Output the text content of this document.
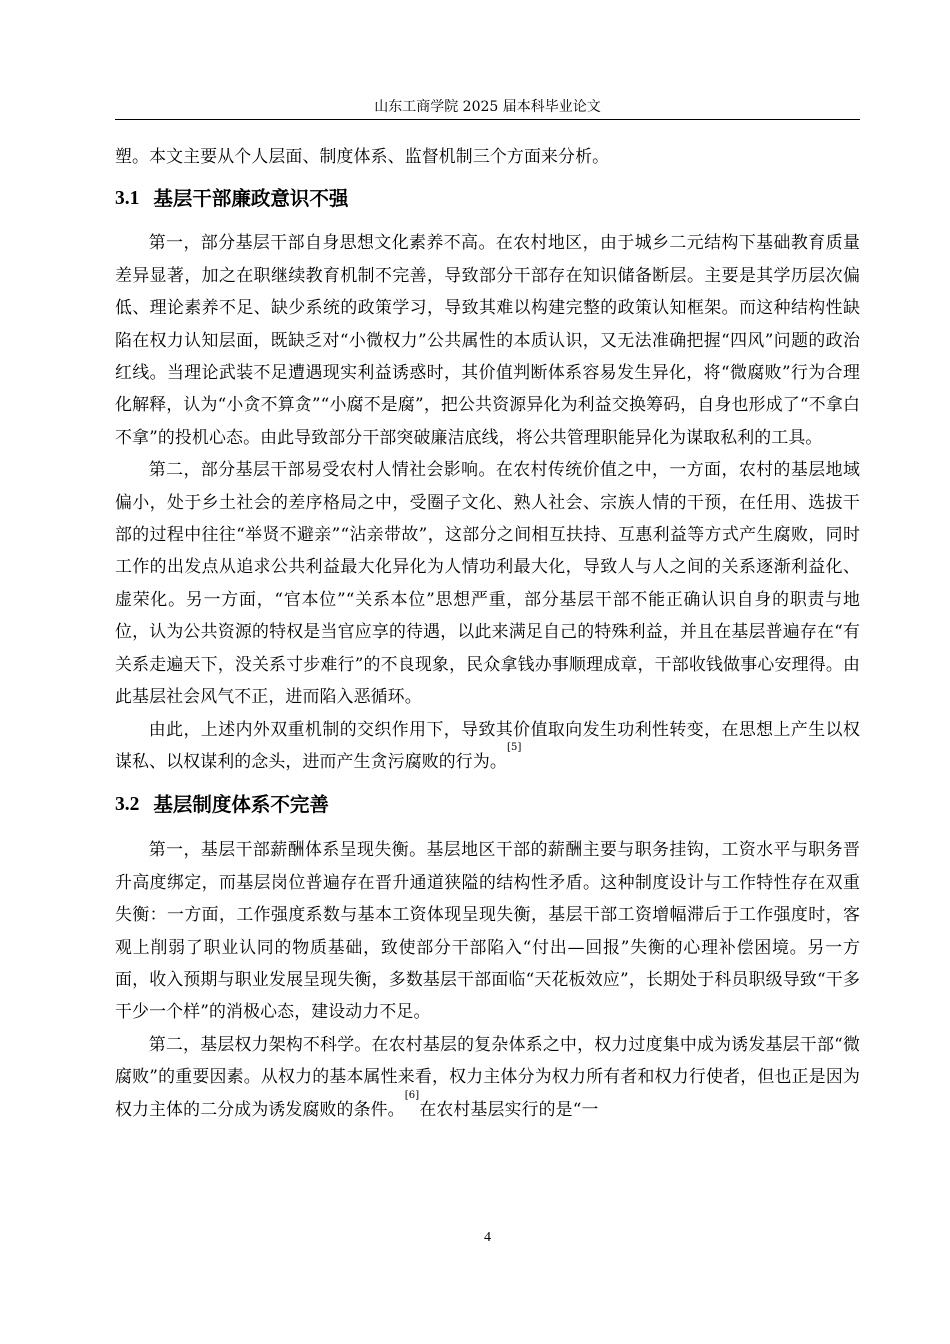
山东工商学院 2025 届本科毕业论文

塑。本文主要从个人层面、制度体系、监督机制三个方面来分析。

3.1 基层干部廉政意识不强

第一，部分基层干部自身思想文化素养不高。在农村地区，由于城乡二元结构下基础教育质量差异显著，加之在职继续教育机制不完善，导致部分干部存在知识储备断层。主要是其学历层次偏低、理论素养不足、缺少系统的政策学习，导致其难以构建完整的政策认知框架。而这种结构性缺陷在权力认知层面，既缺乏对“小微权力”公共属性的本质认识，又无法准确把握“四风”问题的政治红线。当理论武装不足遭遇现实利益诱惑时，其价值判断体系容易发生异化，将“微腐败”行为合理化解释，认为“小贪不算贪”“小腐不是腐”，把公共资源异化为利益交换筹码，自身也形成了“不拿白不拿”的投机心态。由此导致部分干部突破廉洁底线，将公共管理职能异化为谋取私利的工具。

第二，部分基层干部易受农村人情社会影响。在农村传统价值之中，一方面，农村的基层地域偏小，处于乡土社会的差序格局之中，受圈子文化、熟人社会、宗族人情的干预，在任用、选拔干部的过程中往往“举贤不避亲”“沾亲带故”，这部分之间相互扶持、互惠利益等方式产生腐败，同时工作的出发点从追求公共利益最大化异化为人情功利最大化，导致人与人之间的关系逐渐利益化、虚荣化。另一方面，“官本位”“关系本位”思想严重，部分基层干部不能正确认识自身的职责与地位，认为公共资源的特权是当官应享的待遇，以此来满足自己的特殊利益，并且在基层普遍存在“有关系走遍天下，没关系寸步难行”的不良现象，民众拿钱办事顺理成章，干部收钱做事心安理得。由此基层社会风气不正，进而陷入恶循环。

由此，上述内外双重机制的交织作用下，导致其价值取向发生功利性转变，在思想上产生以权谋私、以权谋利的念头，进而产生贪污腐败的行为。[5]

3.2 基层制度体系不完善

第一，基层干部薪酬体系呈现失衡。基层地区干部的薪酬主要与职务挂钩，工资水平与职务晋升高度绑定，而基层岗位普遍存在晋升通道狭隘的结构性矛盾。这种制度设计与工作特性存在双重失衡：一方面，工作强度系数与基本工资体现呈现失衡，基层干部工资增幅滞后于工作强度时，客观上削弱了职业认同的物质基础，致使部分干部陷入“付出—回报”失衡的心理补偿困境。另一方面，收入预期与职业发展呈现失衡，多数基层干部面临“天花板效应”，长期处于科员职级导致“干多干少一个样”的消极心态，建设动力不足。

第二，基层权力架构不科学。在农村基层的复杂体系之中，权力过度集中成为诱发基层干部“微腐败”的重要因素。从权力的基本属性来看，权力主体分为权力所有者和权力行使者，但也正是因为权力主体的二分成为诱发腐败的条件。[6]在农村基层实行的是“一

4
